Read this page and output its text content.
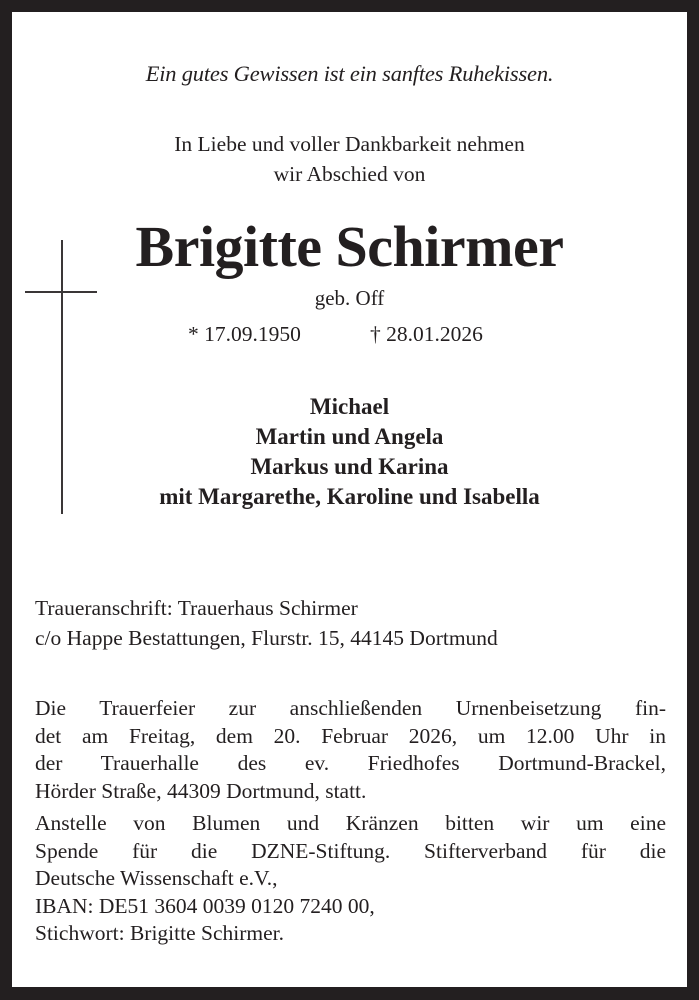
Ein gutes Gewissen ist ein sanftes Ruhekissen.
In Liebe und voller Dankbarkeit nehmen
wir Abschied von
Brigitte Schirmer
geb. Off
* 17.09.1950	† 28.01.2026
Michael
Martin und Angela
Markus und Karina
mit Margarethe, Karoline und Isabella
Traueranschrift: Trauerhaus Schirmer
c/o Happe Bestattungen, Flurstr. 15, 44145 Dortmund
Die Trauerfeier zur anschließenden Urnenbeisetzung fin-
det am Freitag, dem 20. Februar 2026, um 12.00 Uhr in
der Trauerhalle des ev. Friedhofes Dortmund-Brackel,
Hörder Straße, 44309 Dortmund, statt.
Anstelle von Blumen und Kränzen bitten wir um eine
Spende für die DZNE-Stiftung. Stifterverband für die
Deutsche Wissenschaft e.V.,
IBAN: DE51 3604 0039 0120 7240 00,
Stichwort: Brigitte Schirmer.
